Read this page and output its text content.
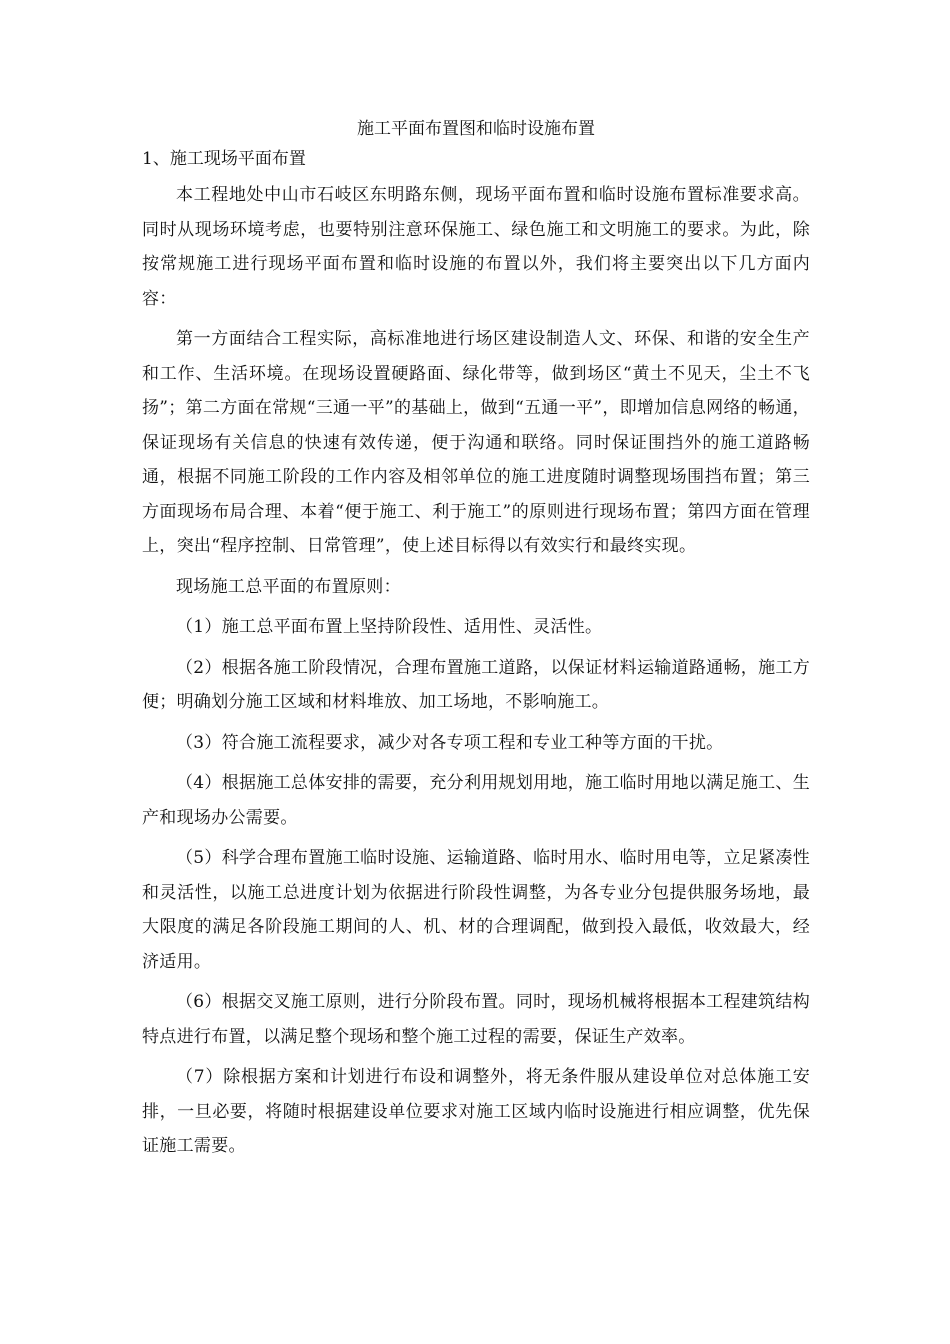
施工平面布置图和临时设施布置
1、施工现场平面布置

本工程地处中山市石岐区东明路东侧，现场平面布置和临时设施布置标准要求高。同时从现场环境考虑，也要特别注意环保施工、绿色施工和文明施工的要求。为此，除按常规施工进行现场平面布置和临时设施的布置以外，我们将主要突出以下几方面内容：

第一方面结合工程实际，高标准地进行场区建设制造人文、环保、和谐的安全生产和工作、生活环境。在现场设置硬路面、绿化带等，做到场区“黄土不见天，尘土不飞扬”；第二方面在常规“三通一平”的基础上，做到“五通一平”，即增加信息网络的畅通，保证现场有关信息的快速有效传递，便于沟通和联络。同时保证围挡外的施工道路畅通，根据不同施工阶段的工作内容及相邻单位的施工进度随时调整现场围挡布置；第三方面现场布局合理、本着“便于施工、利于施工”的原则进行现场布置；第四方面在管理上，突出“程序控制、日常管理”，使上述目标得以有效实行和最终实现。

现场施工总平面的布置原则：

（1）施工总平面布置上坚持阶段性、适用性、灵活性。

（2）根据各施工阶段情况，合理布置施工道路，以保证材料运输道路通畅，施工方便；明确划分施工区域和材料堆放、加工场地，不影响施工。

（3）符合施工流程要求，减少对各专项工程和专业工种等方面的干扰。

（4）根据施工总体安排的需要，充分利用规划用地，施工临时用地以满足施工、生产和现场办公需要。

（5）科学合理布置施工临时设施、运输道路、临时用水、临时用电等，立足紧凑性和灵活性，以施工总进度计划为依据进行阶段性调整，为各专业分包提供服务场地，最大限度的满足各阶段施工期间的人、机、材的合理调配，做到投入最低，收效最大，经济适用。

（6）根据交叉施工原则，进行分阶段布置。同时，现场机械将根据本工程建筑结构特点进行布置，以满足整个现场和整个施工过程的需要，保证生产效率。

（7）除根据方案和计划进行布设和调整外，将无条件服从建设单位对总体施工安排，一旦必要，将随时根据建设单位要求对施工区域内临时设施进行相应调整，优先保证施工需要。
